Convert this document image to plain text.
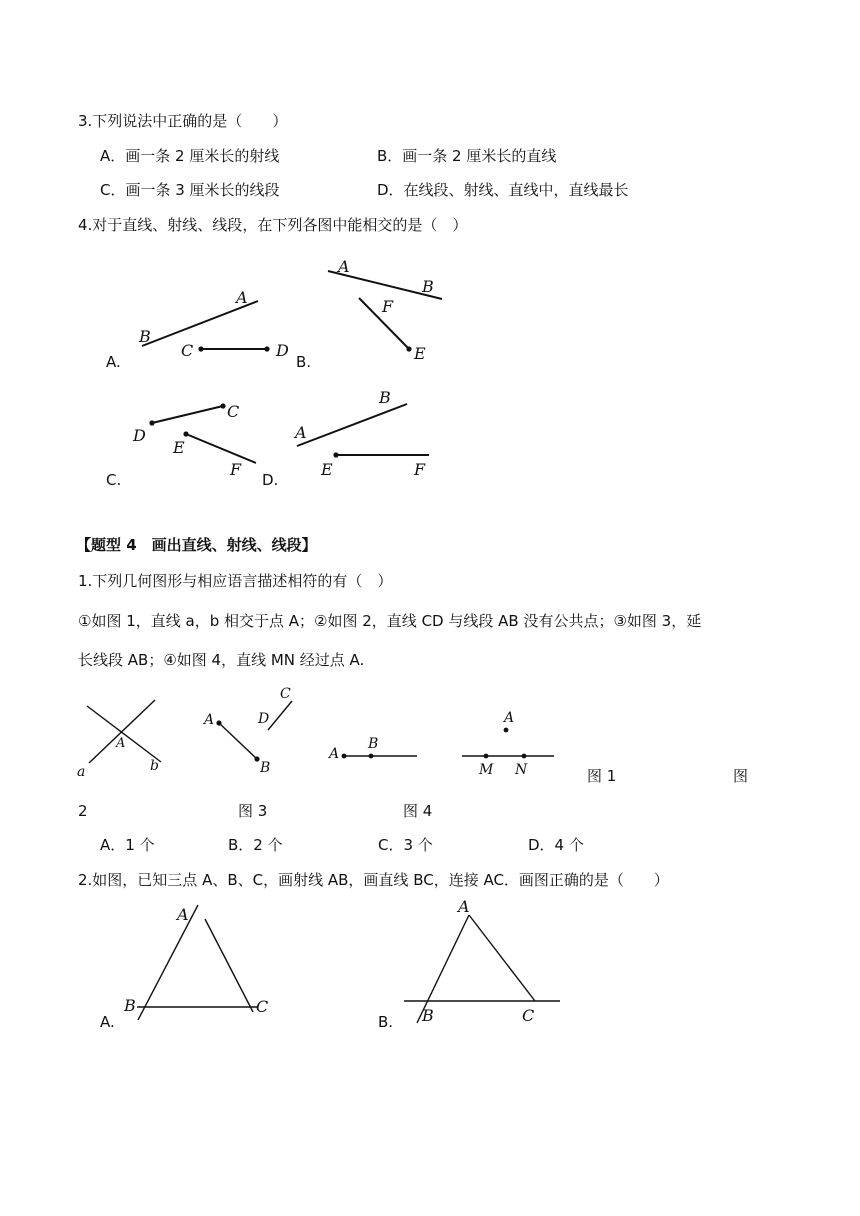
3.下列说法中正确的是（　　）
A．画一条 2 厘米长的射线	B．画一条 2 厘米长的直线
C．画一条 3 厘米长的线段	D．在线段、射线、直线中，直线最长
4.对于直线、射线、线段，在下列各图中能相交的是（　）
A
B
C	D
A.
A
B
F
E
B.
C
D
E
F
C.
B
A
E	F
D.
【题型 4　画出直线、射线、线段】
1.下列几何图形与相应语言描述相符的有（　）
①如图 1，直线 a，b 相交于点 A；②如图 2，直线 CD 与线段 AB 没有公共点；③如图 3，延
长线段 AB；④如图 4，直线 MN 经过点 A.
A
a	b
A
B
C
D
A
B
A
M N	图 1	图
2	图 3	图 4
A．1 个	B．2 个	C．3 个	D．4 个
2.如图，已知三点 A、B、C，画射线 AB，画直线 BC，连接 AC．画图正确的是（　　）
A
B	C
A.
A
B	C
B.
